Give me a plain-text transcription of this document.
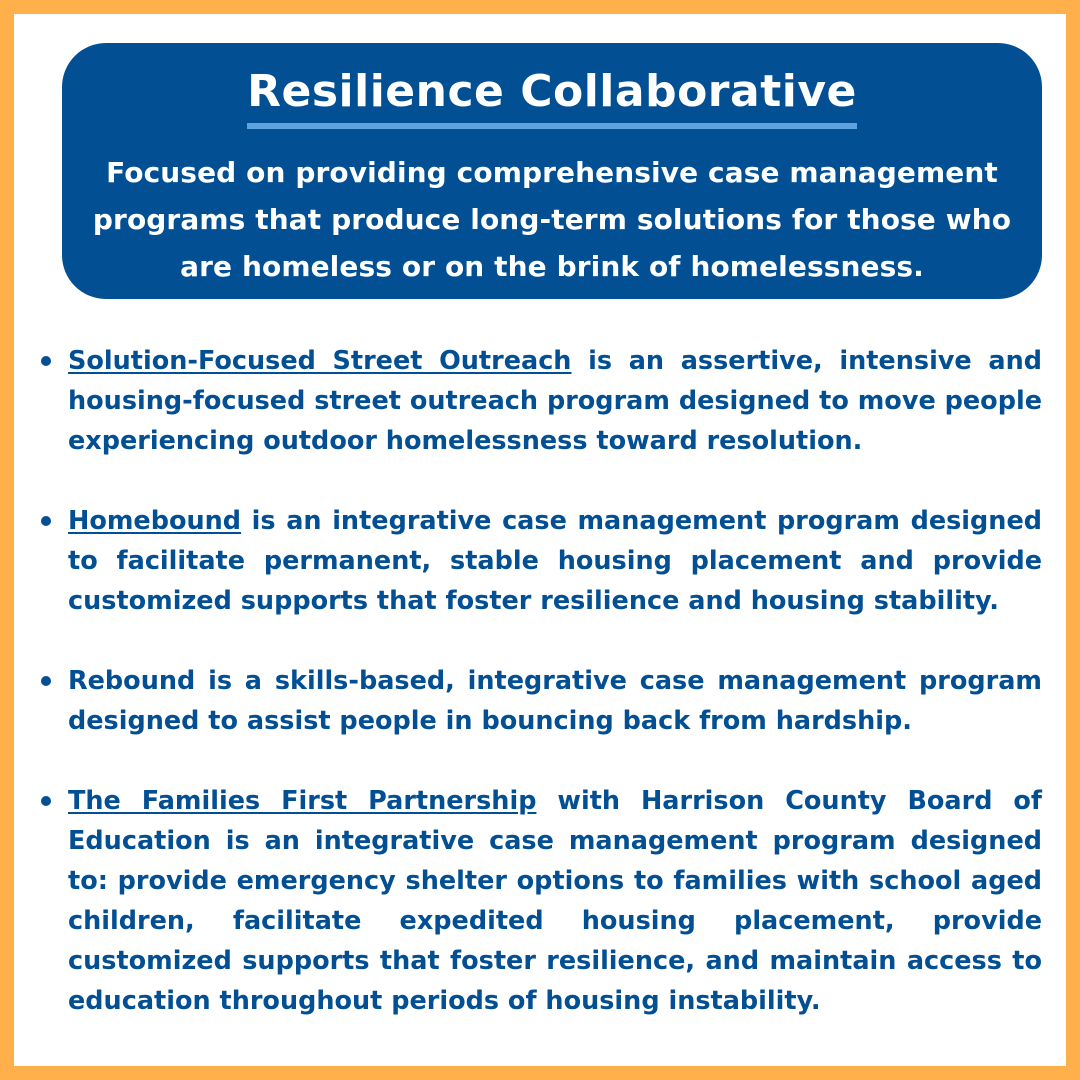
Resilience Collaborative
Focused on providing comprehensive case management programs that produce long-term solutions for those who are homeless or on the brink of homelessness.
Solution-Focused Street Outreach is an assertive, intensive and housing-focused street outreach program designed to move people experiencing outdoor homelessness toward resolution.
Homebound is an integrative case management program designed to facilitate permanent, stable housing placement and provide customized supports that foster resilience and housing stability.
Rebound is a skills-based, integrative case management program designed to assist people in bouncing back from hardship.
The Families First Partnership with Harrison County Board of Education is an integrative case management program designed to: provide emergency shelter options to families with school aged children, facilitate expedited housing placement, provide customized supports that foster resilience, and maintain access to education throughout periods of housing instability.
